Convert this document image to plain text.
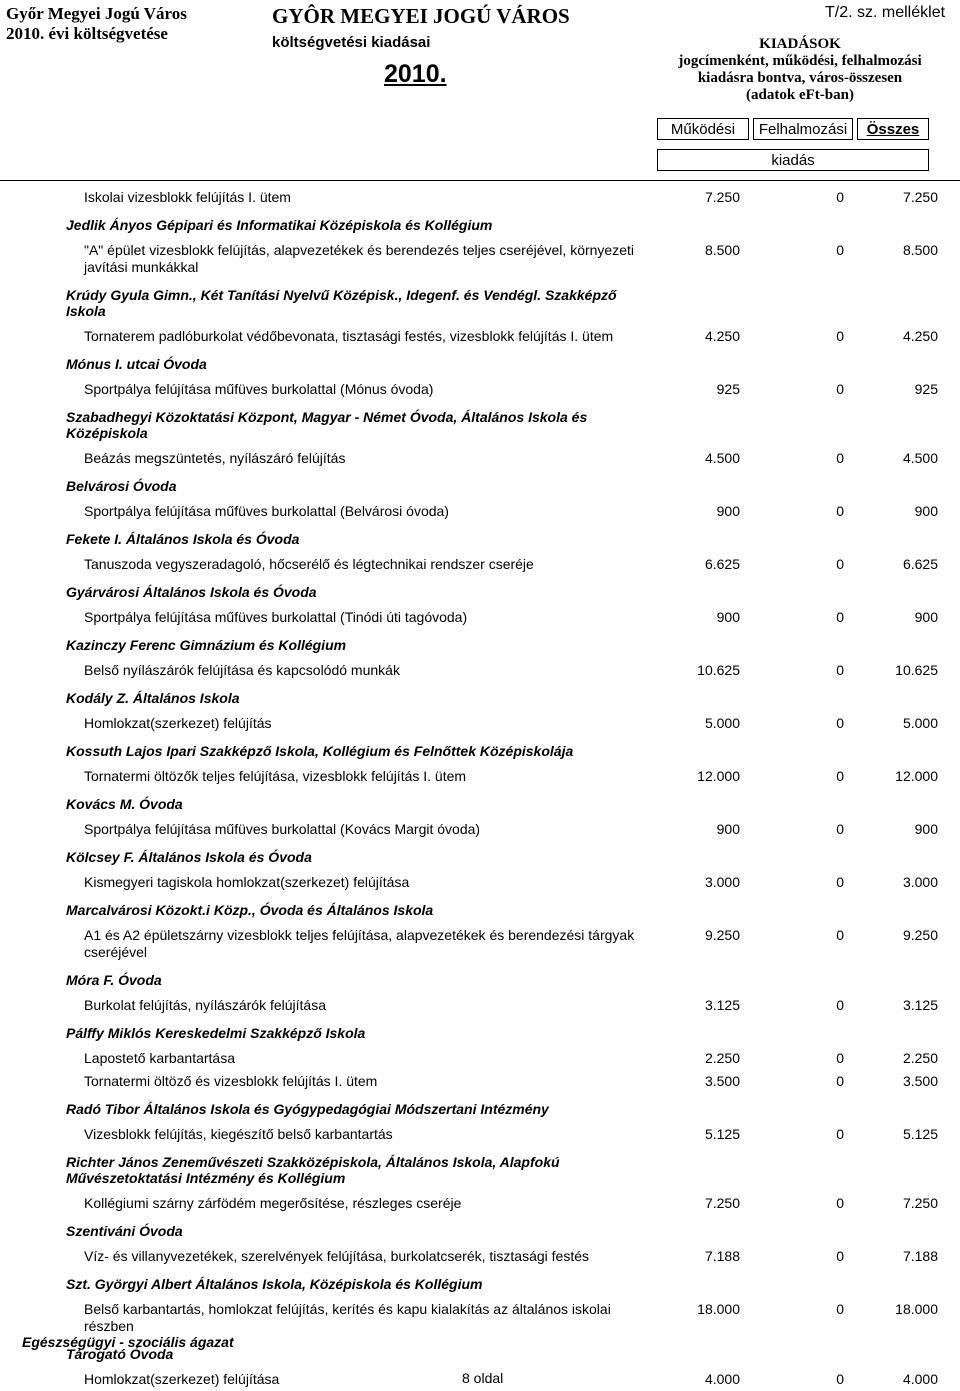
Győr Megyei Jogú Város
2010. évi költségvetése
GYÔR MEGYEI JOGÚ VÁROS
költségvetési kiadásai
2010.
T/2. sz. melléklet
KIADÁSOK
jogcímenként, működési, felhalmozási
kiadásra bontva, város-összesen
(adatok eFt-ban)
Működési	Felhalmozási	Összes
kiadás
Iskolai vizesblokk felújítás I. ütem	7.250	0	7.250
Jedlik Ányos Gépipari és Informatikai Középiskola és Kollégium
"A" épület vizesblokk felújítás, alapvezetékek és berendezés teljes cseréjével, környezeti javítási munkákkal
8.500	0	8.500
Krúdy Gyula Gimn., Két Tanítási Nyelvű Középisk., Idegenf. és Vendégl. Szakképző Iskola
Tornaterem padlóburkolat védőbevonata, tisztasági festés, vizesblokk felújítás I. ütem	4.250	0	4.250
Mónus I. utcai Óvoda
Sportpálya felújítása műfüves burkolattal (Mónus óvoda)	925	0	925
Szabadhegyi Közoktatási Központ, Magyar - Német Óvoda, Általános Iskola és Középiskola
Beázás megszüntetés, nyílászáró felújítás	4.500	0	4.500
Belvárosi Óvoda
Sportpálya felújítása műfüves burkolattal (Belvárosi óvoda)	900	0	900
Fekete I. Általános Iskola és Óvoda
Tanuszoda vegyszeradagoló, hőcserélő és légtechnikai rendszer cseréje	6.625	0	6.625
Gyárvárosi Általános Iskola és Óvoda
Sportpálya felújítása műfüves burkolattal (Tinódi úti tagóvoda)	900	0	900
Kazinczy Ferenc Gimnázium és Kollégium
Belső nyílászárók felújítása és kapcsolódó munkák	10.625	0	10.625
Kodály Z. Általános Iskola
Homlokzat(szerkezet) felújítás	5.000	0	5.000
Kossuth Lajos Ipari Szakképző Iskola, Kollégium és Felnőttek Középiskolája
Tornatermi öltözők teljes felújítása, vizesblokk felújítás I. ütem	12.000	0	12.000
Kovács M. Óvoda
Sportpálya felújítása műfüves burkolattal (Kovács Margit óvoda)	900	0	900
Kölcsey F. Általános Iskola és Óvoda
Kismegyeri tagiskola homlokzat(szerkezet) felújítása	3.000	0	3.000
Marcalvárosi Közokt.i Közp., Óvoda és Általános Iskola
A1 és A2 épületszárny vizesblokk teljes felújítása, alapvezetékek és berendezési tárgyak cseréjével
9.250	0	9.250
Móra F. Óvoda
Burkolat felújítás, nyílászárók felújítása	3.125	0	3.125
Pálffy Miklós Kereskedelmi Szakképző Iskola
Lapostető karbantartása	2.250	0	2.250
Tornatermi öltöző és vizesblokk felújítás I. ütem	3.500	0	3.500
Radó Tibor Általános Iskola és Gyógypedagógiai Módszertani Intézmény
Vizesblokk felújítás, kiegészítő belső karbantartás	5.125	0	5.125
Richter János Zeneművészeti Szakközépiskola, Általános Iskola, Alapfokú Művészetoktatási Intézmény és Kollégium
Kollégiumi szárny zárfödém megerősítése, részleges cseréje	7.250	0	7.250
Szentiváni Óvoda
Víz- és villanyvezetékek, szerelvények felújítása, burkolatcserék, tisztasági festés	7.188	0	7.188
Szt. Györgyi Albert Általános Iskola, Középiskola és Kollégium
Belső karbantartás, homlokzat felújítás, kerítés és kapu kialakítás az általános iskolai részben
18.000	0	18.000
Tárogató Óvoda
Homlokzat(szerkezet) felújítása	4.000	0	4.000
Egészségügyi - szociális ágazat
8 oldal
